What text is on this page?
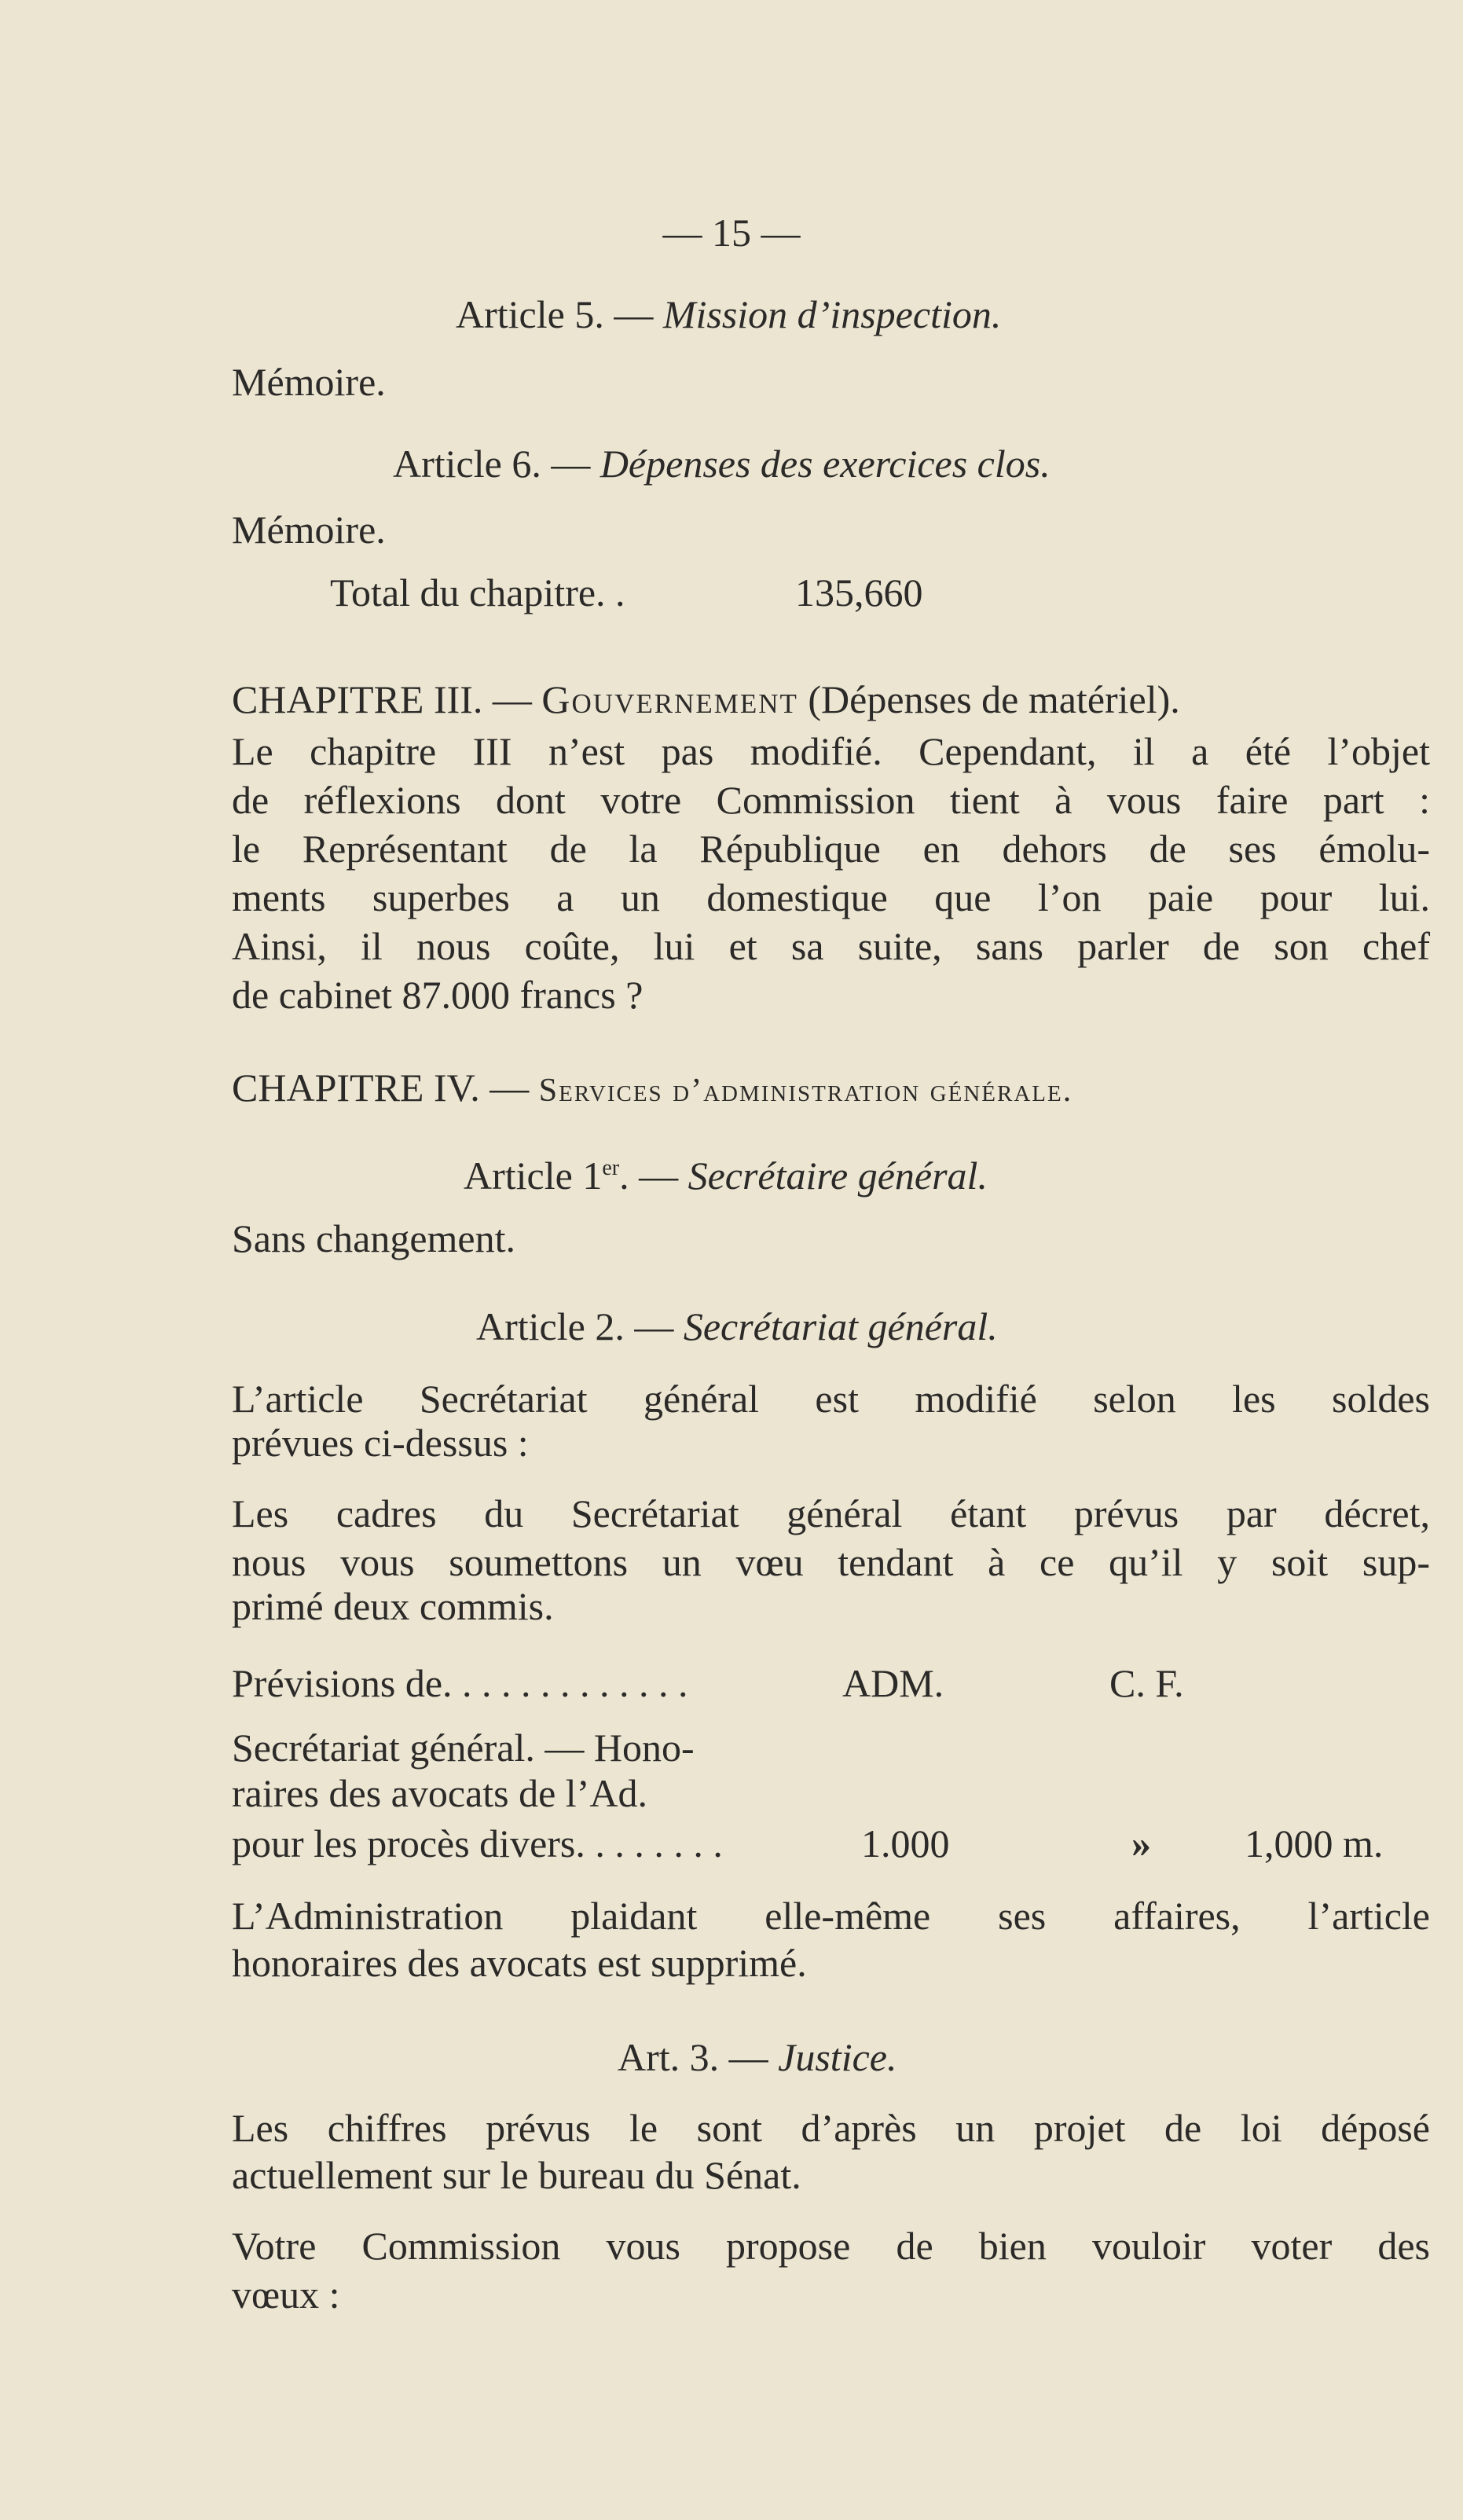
— 15 —
Article 5. — Mission d’inspection.
Mémoire.
Article 6. — Dépenses des exercices clos.
Mémoire.
Total du chapitre. .	135,660
CHAPITRE III. — Gouvernement (Dépenses de matériel).
Le chapitre III n’est pas modifié. Cependant, il a été l’objet
de réflexions dont votre Commission tient à vous faire part :
le Représentant de la République en dehors de ses émolu-
ments superbes a un domestique que l’on paie pour lui.
Ainsi, il nous coûte, lui et sa suite, sans parler de son chef
de cabinet 87.000 francs ?
CHAPITRE IV. — Services d’administration générale.
Article 1er. — Secrétaire général.
Sans changement.
Article 2. — Secrétariat général.
L’article Secrétariat général est modifié selon les soldes
prévues ci-dessus :
Les cadres du Secrétariat général étant prévus par décret,
nous vous soumettons un vœu tendant à ce qu’il y soit sup-
primé deux commis.
Prévisions de. . . . . . . . . . . . .	ADM.	C. F.
Secrétariat général. — Hono-
raires des avocats de l’Ad.
pour les procès divers. . . . . . . .	1.000	» 1,000 m.
L’Administration plaidant elle-même ses affaires, l’article
honoraires des avocats est supprimé.
Art. 3. — Justice.
Les chiffres prévus le sont d’après un projet de loi déposé
actuellement sur le bureau du Sénat.
Votre Commission vous propose de bien vouloir voter des
vœux :
